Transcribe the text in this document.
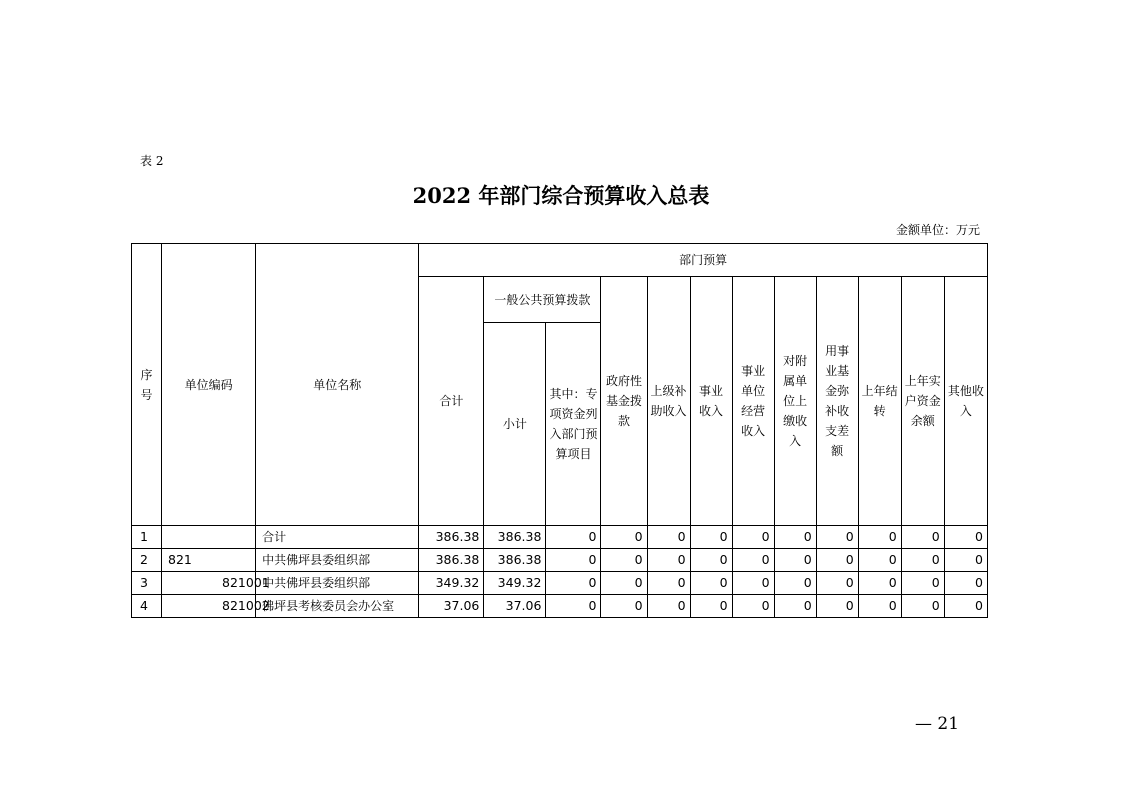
表 2
2022 年部门综合预算收入总表
金额单位：万元
序号	单位编码	单位名称	部门预算											
			合计	一般公共预算拨款		政府性基金拨款	上级补助收入	事业收入	事业单位经营收入	对附属单位上缴收入	用事业基金弥补收支差额	上年结转	上年实户资金余额	其他收入
				小计	其中：专项资金列入部门预算项目									

1		合计	386.38	386.38	0	0	0	0	0	0	0	0	0	0
2	821	中共佛坪县委组织部	386.38	386.38	0	0	0	0	0	0	0	0	0	0
3	821001	中共佛坪县委组织部	349.32	349.32	0	0	0	0	0	0	0	0	0	0
4	821002	佛坪县考核委员会办公室	37.06	37.06	0	0	0	0	0	0	0	0	0	0
— 21
